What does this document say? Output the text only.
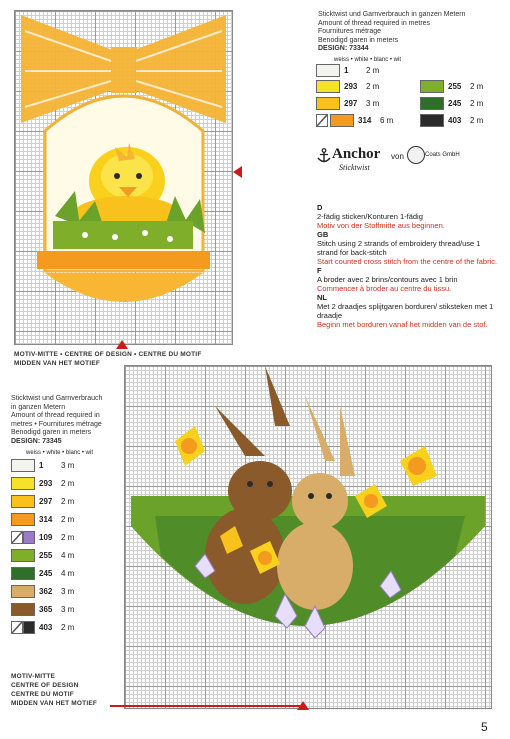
MOTIV-MITTE • CENTRE OF DESIGN • CENTRE DU MOTIF
MIDDEN VAN HET MOTIEF
Sticktwist und Garnverbrauch in ganzen Metern
Amount of thread required in metres
Fournitures métrage
Benodigd garen in meters
DESIGN: 73344
weiss • white • blanc • wit
1	2 m
293	2 m
297	3 m
314	6 m
255	2 m
245	2 m
403	2 m
Anchor
Sticktwist
von	Coats GmbH
D
2-fädig sticken/Konturen 1-fädig
Motiv von der Stoffmitte aus beginnen.
GB
Stitch using 2 strands of embroidery thread/use 1 strand for back-stitch
Start counted cross stitch from the centre of the fabric.
F
A broder avec 2 brins/contours avec 1 brin
Commencer à broder au centre du tissu.
NL
Met 2 draadjes splijtgaren borduren/ stiksteken met 1 draadje
Beginn met borduren vanaf het midden van de stof.
Sticktwist und Garnverbrauch
in ganzen Metern
Amount of thread required in
metres • Fournitures métrage
Benodigd garen in meters
DESIGN: 73345
weiss • white • blanc • wit
1	3 m
293	2 m
297	2 m
314	2 m
109	2 m
255	4 m
245	4 m
362	3 m
365	3 m
403	2 m
MOTIV-MITTE
CENTRE OF DESIGN
CENTRE DU MOTIF
MIDDEN VAN HET MOTIEF
5
